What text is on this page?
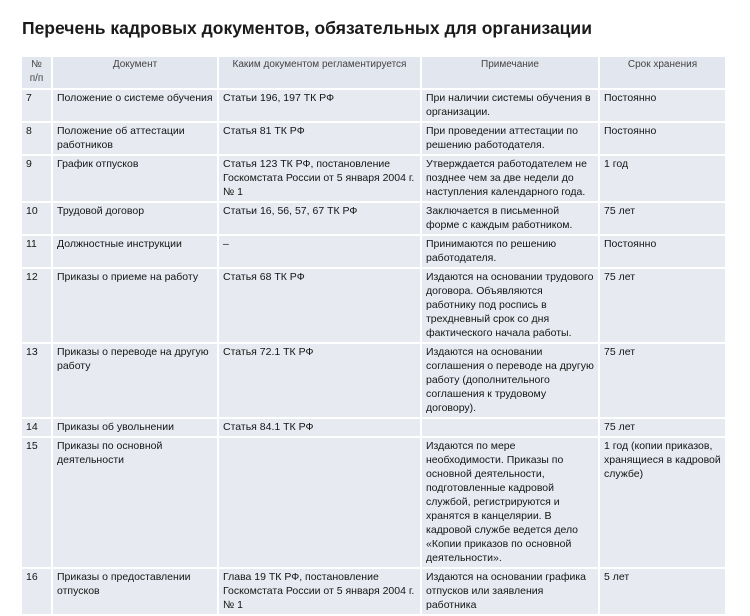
Перечень кадровых документов, обязательных для организации
№ п/п	Документ	Каким документом регламентируется	Примечание	Срок хранения
7	Положение о системе обучения	Статьи 196, 197 ТК РФ	При наличии системы обучения в организации.	Постоянно
8	Положение об аттестации работников	Статья 81 ТК РФ	При проведении аттестации по решению работодателя.	Постоянно
9	График отпусков	Статья 123 ТК РФ, постановление Госкомстата России от 5 января 2004 г. № 1	Утверждается работодателем не позднее чем за две недели до наступления календарного года.	1 год
10	Трудовой договор	Статьи 16, 56, 57, 67 ТК РФ	Заключается в письменной форме с каждым работником.	75 лет
11	Должностные инструкции	–	Принимаются по решению работодателя.	Постоянно
12	Приказы о приеме на работу	Статья 68 ТК РФ	Издаются на основании трудового договора. Объявляются работнику под роспись в трехдневный срок со дня фактического начала работы.	75 лет
13	Приказы о переводе на другую работу	Статья 72.1 ТК РФ	Издаются на основании соглашения о переводе на другую работу (дополнительного соглашения к трудовому договору).	75 лет
14	Приказы об увольнении	Статья 84.1 ТК РФ		75 лет
15	Приказы по основной деятельности		Издаются по мере необходимости. Приказы по основной деятельности, подготовленные кадровой службой, регистрируются и хранятся в канцелярии. В кадровой службе ведется дело «Копии приказов по основной деятельности».	1 год (копии приказов, хранящиеся в кадровой службе)
16	Приказы о предоставлении отпусков	Глава 19 ТК РФ, постановление Госкомстата России от 5 января 2004 г. № 1	Издаются на основании графика отпусков или заявления работника	5 лет
